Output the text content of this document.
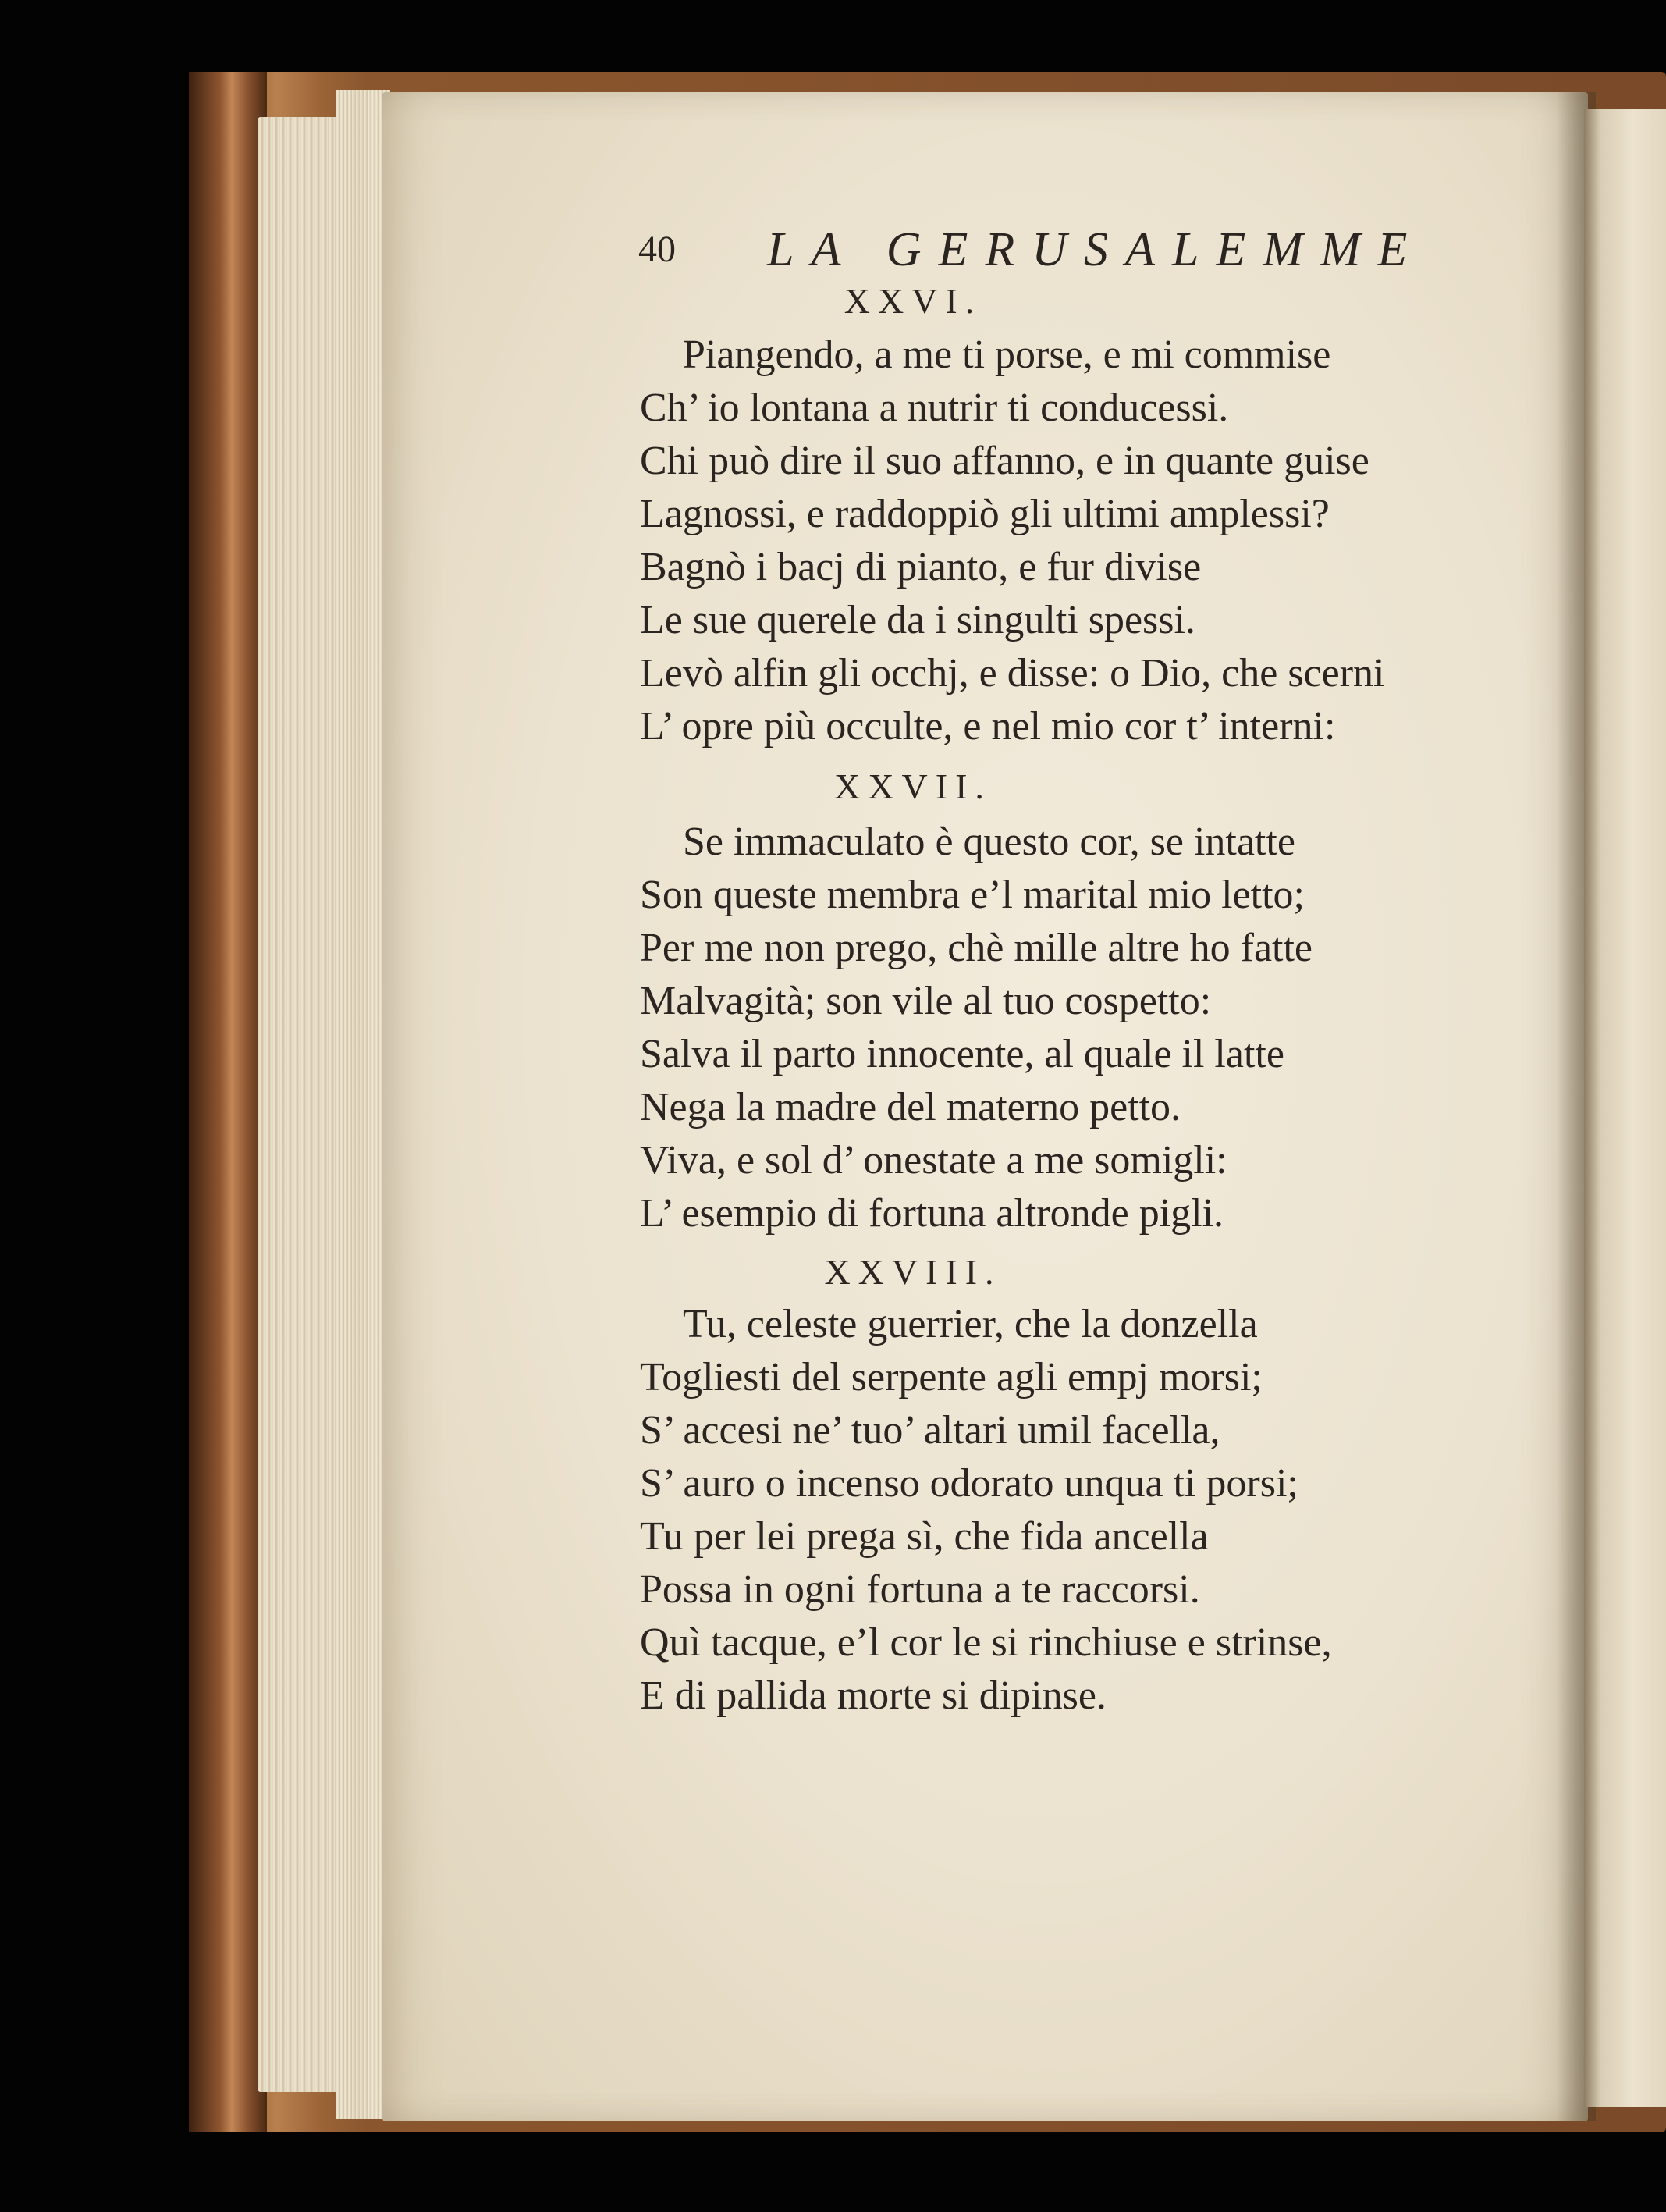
40 LA GERUSALEMME
XXVI.
Piangendo, a me ti porse, e mi commise
Ch’ io lontana a nutrir ti conducessi.
Chi può dire il suo affanno, e in quante guise
Lagnossi, e raddoppiò gli ultimi amplessi?
Bagnò i bacj di pianto, e fur divise
Le sue querele da i singulti spessi.
Levò alfin gli occhj, e disse: o Dio, che scerni
L’ opre più occulte, e nel mio cor t’ interni:
XXVII.
Se immaculato è questo cor, se intatte
Son queste membra e’l marital mio letto;
Per me non prego, chè mille altre ho fatte
Malvagità; son vile al tuo cospetto:
Salva il parto innocente, al quale il latte
Nega la madre del materno petto.
Viva, e sol d’ onestate a me somigli:
L’ esempio di fortuna altronde pigli.
XXVIII.
Tu, celeste guerrier, che la donzella
Togliesti del serpente agli empj morsi;
S’ accesi ne’ tuo’ altari umil facella,
S’ auro o incenso odorato unqua ti porsi;
Tu per lei prega sì, che fida ancella
Possa in ogni fortuna a te raccorsi.
Quì tacque, e’l cor le si rinchiuse e strinse,
E di pallida morte si dipinse.
